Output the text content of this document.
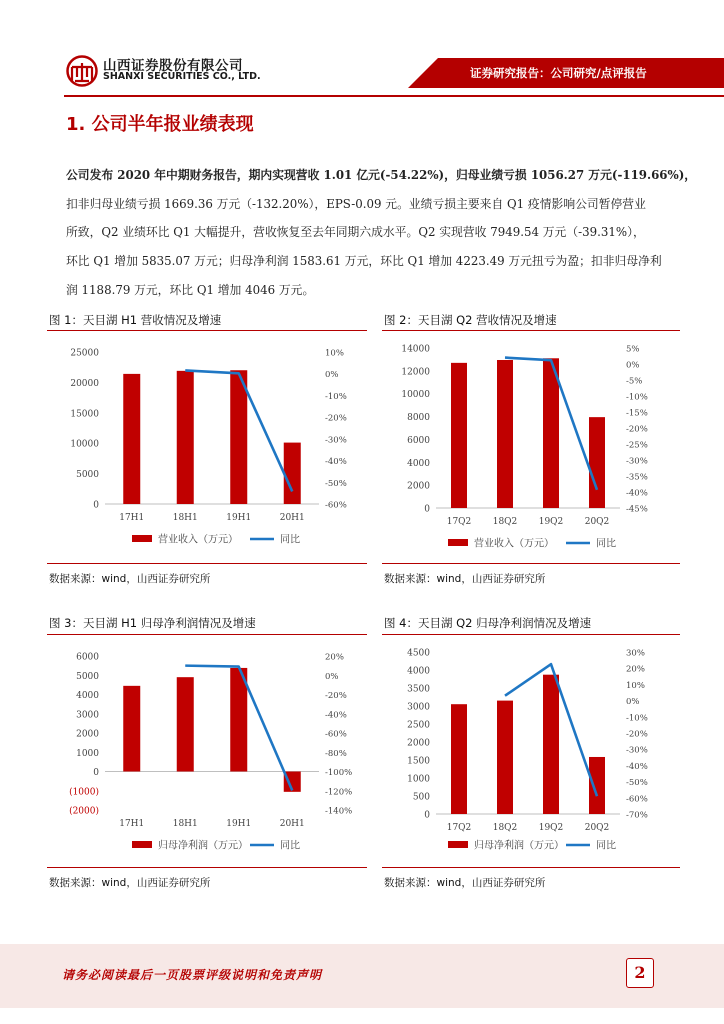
山西证券股份有限公司
SHANXI SECURITIES CO., LTD.	证券研究报告：公司研究/点评报告
1. 公司半年报业绩表现
公司发布 2020 年中期财务报告，期内实现营收 1.01 亿元(-54.22%)，归母业绩亏损 1056.27 万元(-119.66%)，
扣非归母业绩亏损 1669.36 万元（-132.20%），EPS-0.09 元。业绩亏损主要来自 Q1 疫情影响公司暂停营业
所致，Q2 业绩环比 Q1 大幅提升，营收恢复至去年同期六成水平。Q2 实现营收 7949.54 万元（-39.31%），
环比 Q1 增加 5835.07 万元；归母净利润 1583.61 万元，环比 Q1 增加 4223.49 万元扭亏为盈；扣非归母净利
润 1188.79 万元，环比 Q1 增加 4046 万元。
图 1：天目湖 H1 营收情况及增速	图 2：天目湖 Q2 营收情况及增速
数据来源：wind，山西证券研究所	数据来源：wind，山西证券研究所
图 3：天目湖 H1 归母净利润情况及增速	图 4：天目湖 Q2 归母净利润情况及增速
数据来源：wind，山西证券研究所	数据来源：wind，山西证券研究所
0
5000
10000
15000
20000
25000
-60%
-50%
-40%
-30%
-20%
-10%
0%
10%
17H1	18H1	19H1	20H1
营业收入（万元）	同比
0
2000
4000
6000
8000
10000
12000
14000
-45%
-40%
-35%
-30%
-25%
-20%
-15%
-10%
-5%
0%
5%
17Q2 18Q2 19Q2 20Q2
营业收入（万元）	同比
(2000)
(1000)
0
1000
2000
3000
4000
5000
6000
-140%
-120%
-100%
-80%
-60%
-40%
-20%
0%
20%
17H1	18H1	19H1	20H1
归母净利润（万元）	同比
0
500
1000
1500
2000
2500
3000
3500
4000
4500
-70%
-60%
-50%
-40%
-30%
-20%
-10%
0%
10%
20%
30%
17Q2 18Q2 19Q2 20Q2
归母净利润（万元）	同比
请务必阅读最后一页股票评级说明和免责声明	2
